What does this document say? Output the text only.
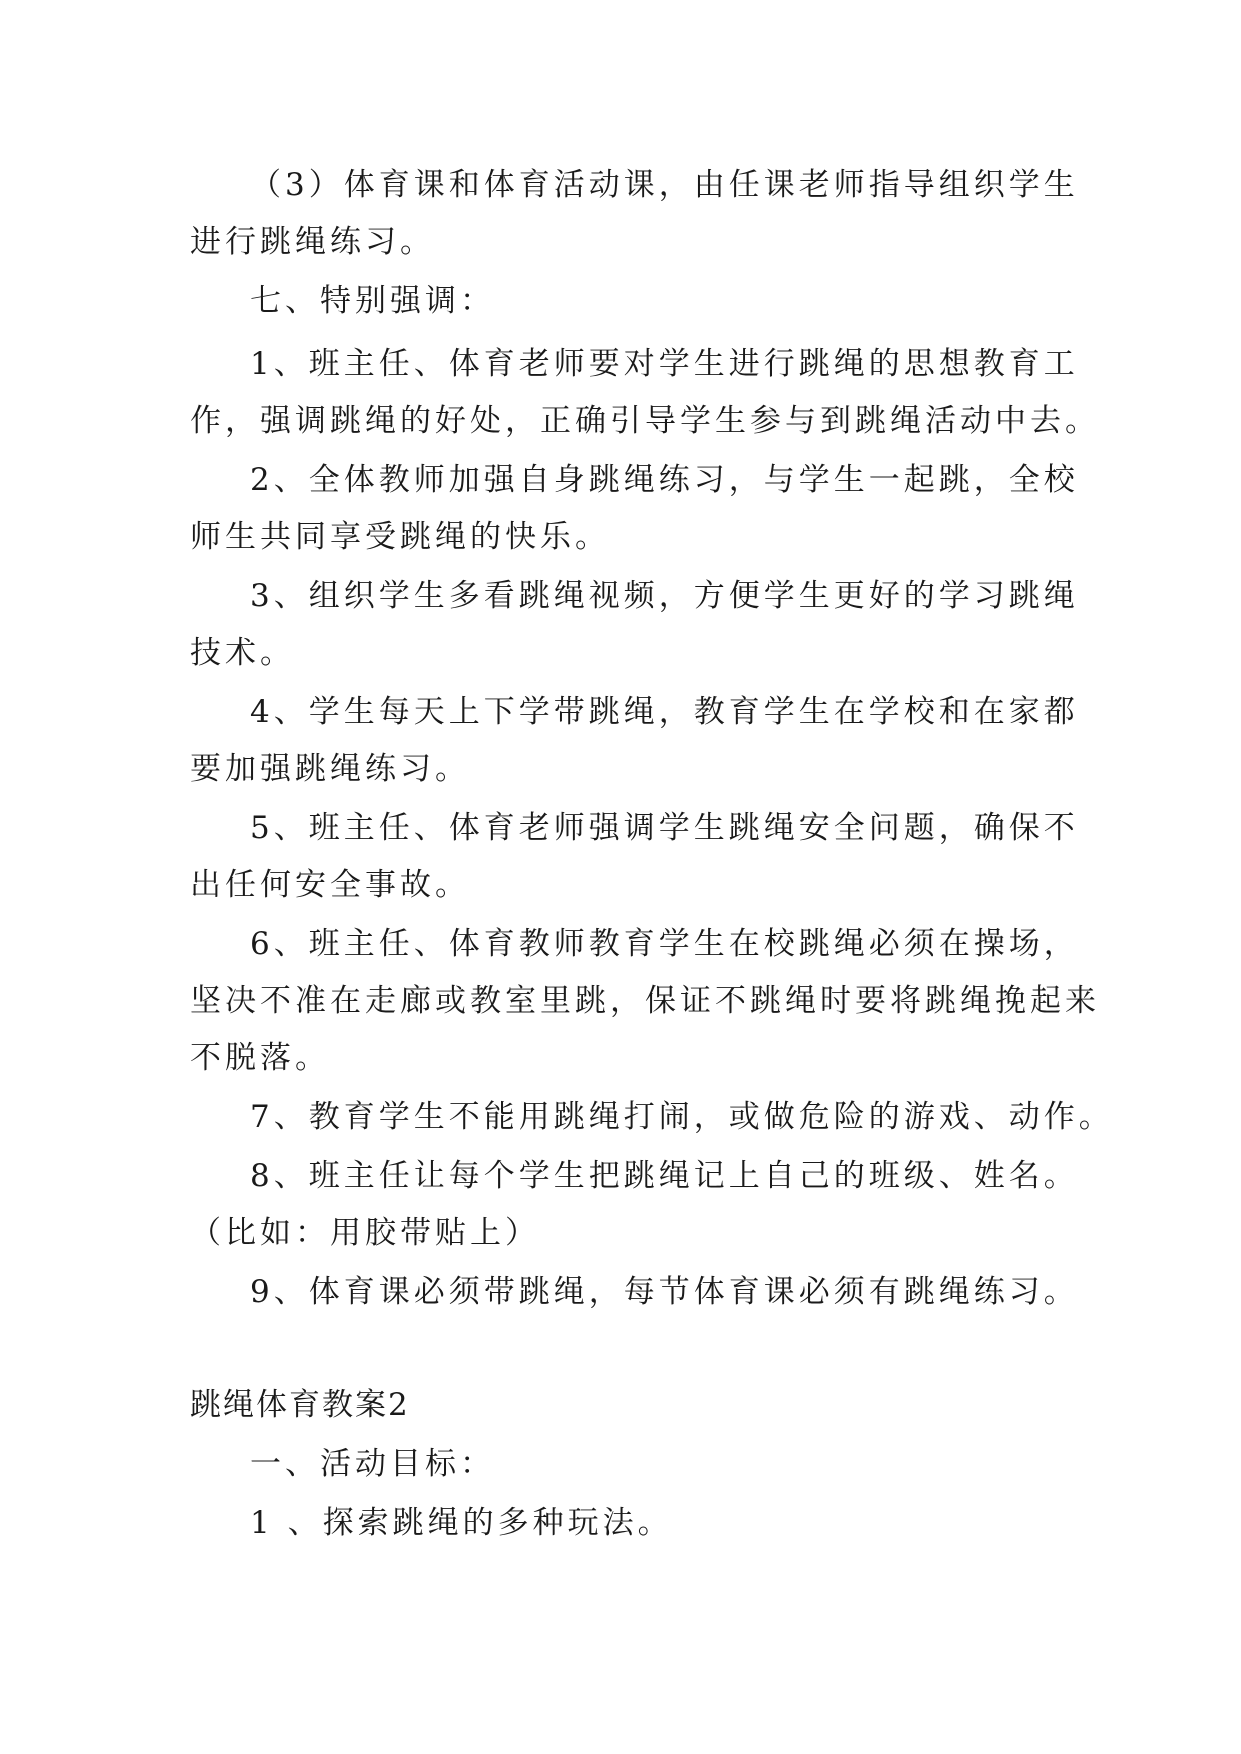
（3）体育课和体育活动课，由任课老师指导组织学生
进行跳绳练习。
七、特别强调：
1、班主任、体育老师要对学生进行跳绳的思想教育工
作，强调跳绳的好处，正确引导学生参与到跳绳活动中去。
2、全体教师加强自身跳绳练习，与学生一起跳，全校
师生共同享受跳绳的快乐。
3、组织学生多看跳绳视频，方便学生更好的学习跳绳
技术。
4、学生每天上下学带跳绳，教育学生在学校和在家都
要加强跳绳练习。
5、班主任、体育老师强调学生跳绳安全问题，确保不
出任何安全事故。
6、班主任、体育教师教育学生在校跳绳必须在操场，
坚决不准在走廊或教室里跳，保证不跳绳时要将跳绳挽起来
不脱落。
7、教育学生不能用跳绳打闹，或做危险的游戏、动作。
8、班主任让每个学生把跳绳记上自己的班级、姓名。
（比如：用胶带贴上）
9、体育课必须带跳绳，每节体育课必须有跳绳练习。
跳绳体育教案2
一、活动目标：
1 、探索跳绳的多种玩法。
